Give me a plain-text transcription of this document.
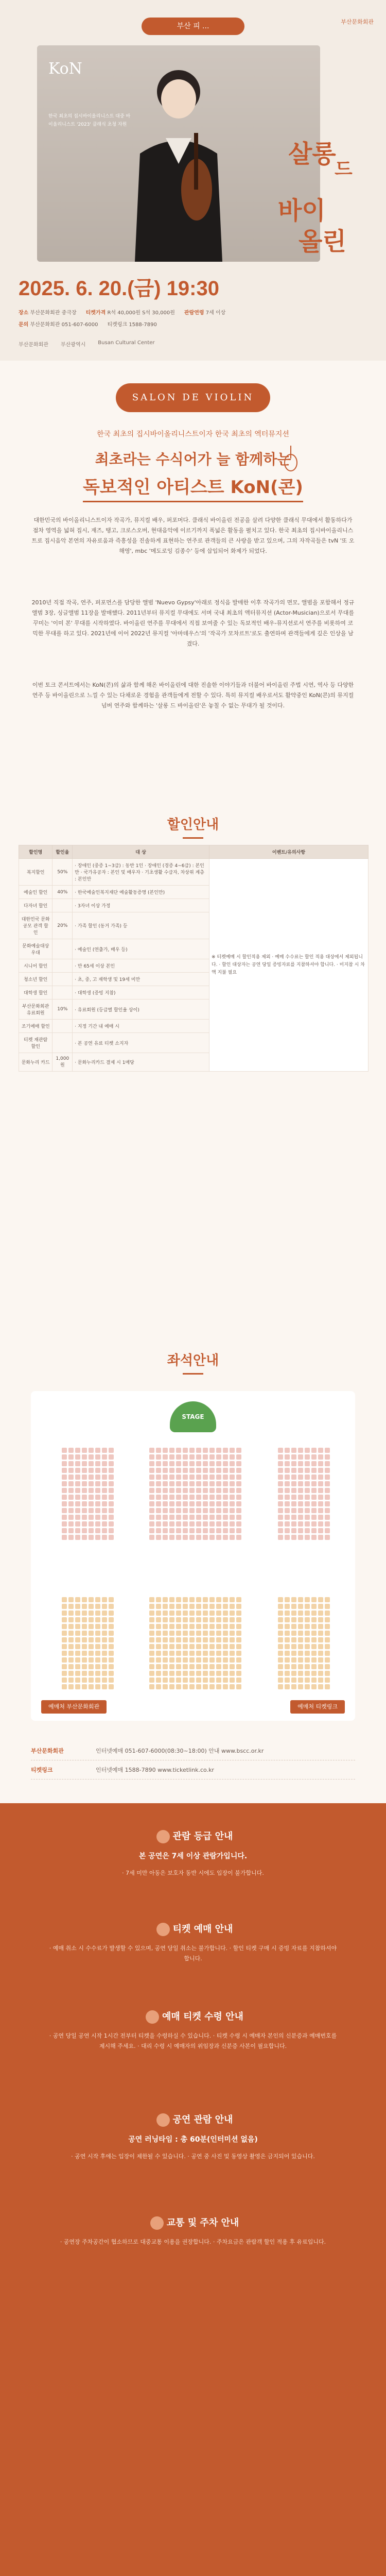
부산 피 ...
부산문화회관
KoN
한국 최초의 집시바이올리니스트 대중 바이올리니스트 '2023' 클래식 초청 자원
살롱
드
바이
올린
2025. 6. 20.(금) 19:30
장소 부산문화회관 중극장 티켓가격 R석 40,000원 S석 30,000원 관람연령 7세 이상
문의 부산문화회관 051-607-6000 티켓링크 1588-7890
부산문화회관 부산광역시 Busan Cultural Center
SALON DE VIOLIN
한국 최초의 집시바이올리니스트이자 한국 최초의 엑터뮤지션
최초라는 수식어가 늘 함께하는
독보적인 아티스트 KoN(콘)
대한민국의 바이올리니스트이자 작곡가, 뮤지컬 배우, 퍼포머다. 클래식 바이올린 전공을 살려 다양한 클래식 무대에서 활동하다가 점차 영역을 넓혀 집시, 재즈, 탱고, 크로스오버, 현대음악에 이르기까지 폭넓은 활동을 펼치고 있다. 한국 최초의 집시바이올리니스트로 집시음악 본연의 자유로움과 즉흥성을 진솔하게 표현하는 연주로 관객들의 큰 사랑을 받고 있으며, 그의 자작곡들은 tvN '또 오해영', mbc '메도로잉 김종수' 등에 삽입되어 화제가 되었다.
2010년 직접 작곡, 연주, 퍼포먼스를 담당한 앨범 'Nuevo Gypsy'아래로 정식음 발매한 이후 작곡가의 면모, 앨범을 포함해서 정규앨범 3장, 싱글앨범 11장을 발매했다. 2011년부터 뮤지컬 무대에도 서며 국내 최초의 액터뮤지션 (Actor-Musician)으로서 무대를 꾸미는 '이미 본' 무대를 시작하였다. 바이올린 연주를 무대에서 직접 보여줄 수 있는 독보적인 배우-뮤지션로서 연주를 비롯하여 코믹한 무대를 하고 있다. 2021년에 이어 2022년 뮤지컬 '아마데우스'의 '작곡가 모차르트'로도 출연하며 관객들에게 깊은 인상을 남겼다.
이번 토크 콘서트에서는 KoN(콘)의 삶과 함께 해온 바이올린에 대한 진솔한 이야기들과 더불어 바이올린 주법 시연, 역사 등 다양한 연주 등 바이올린으로 느낄 수 있는 다채로운 경험을 관객들에게 전할 수 있다. 특히 뮤지컬 배우로서도 활약중인 KoN(콘)의 뮤지컬 넘버 연주와 함께하는 '살롱 드 바이올린'은 놓칠 수 없는 무대가 될 것이다.
할인안내
할인명	할인율	대 상	이벤트/유의사항
복지할인	50%	· 장애인 (중증 1~3급) : 동반 1인 · 장애인 (경증 4~6급) : 본인만 · 국가유공자 : 본인 및 배우자 · 기초생활 수급자, 차상위 계층 : 본인만	※ 티켓예매 시 할인적용 제외 · 예매 수수료는 할인 적용 대상에서 제외됩니다. · 할인 대상자는 공연 당일 증빙자료를 지참하셔야 합니다. · 미지참 시 차액 지불 필요
예술인 할인	40%	· 한국예술인복지재단 예술활동증명 (본인만)	
다자녀 할인		· 3자녀 이상 가정	
대한민국 문화공모 관객 할인	20%	· 가족 할인 (동거 가족) 등	
문화예술대상 우대		· 예술인 (연출가, 배우 등)	
시니어 할인		· 만 65세 이상 본인	
청소년 할인		· 초, 중, 고 재학생 및 19세 미만	
대학생 할인		· 대학생 (증빙 지참)	
부산문화회관 유료회원	10%	· 유료회원 (등급별 할인율 상이)	
조기예매 할인		· 지정 기간 내 예매 시	
티켓 재관람 할인		· 본 공연 유료 티켓 소지자	
문화누리 카드	1,000원	· 문화누리카드 결제 시 1매당	
좌석안내
STAGE
예매처 부산문화회관	예매처 티켓링크
부산문화회관	인터넷예매 051-607-6000(08:30~18:00) 안내 www.bscc.or.kr
티켓링크	인터넷예매 1588-7890 www.ticketlink.co.kr
관람 등급 안내
본 공연은 7세 이상 관람가입니다.
· 7세 미만 아동은 보호자 동반 시에도 입장이 불가합니다.
티켓 예매 안내
· 예매 취소 시 수수료가 발생할 수 있으며, 공연 당일 취소는 불가합니다. · 할인 티켓 구매 시 증빙 자료를 지참하셔야 합니다.
예매 티켓 수령 안내
· 공연 당일 공연 시작 1시간 전부터 티켓을 수령하실 수 있습니다. · 티켓 수령 시 예매자 본인의 신분증과 예매번호를 제시해 주세요. · 대리 수령 시 예매자의 위임장과 신분증 사본이 필요합니다.
공연 관람 안내
공연 러닝타임 : 총 60분(인터미션 없음)
· 공연 시작 후에는 입장이 제한될 수 있습니다. · 공연 중 사진 및 동영상 촬영은 금지되어 있습니다.
교통 및 주차 안내
· 공연장 주차공간이 협소하므로 대중교통 이용을 권장합니다. · 주차요금은 관람객 할인 적용 후 유료입니다.
